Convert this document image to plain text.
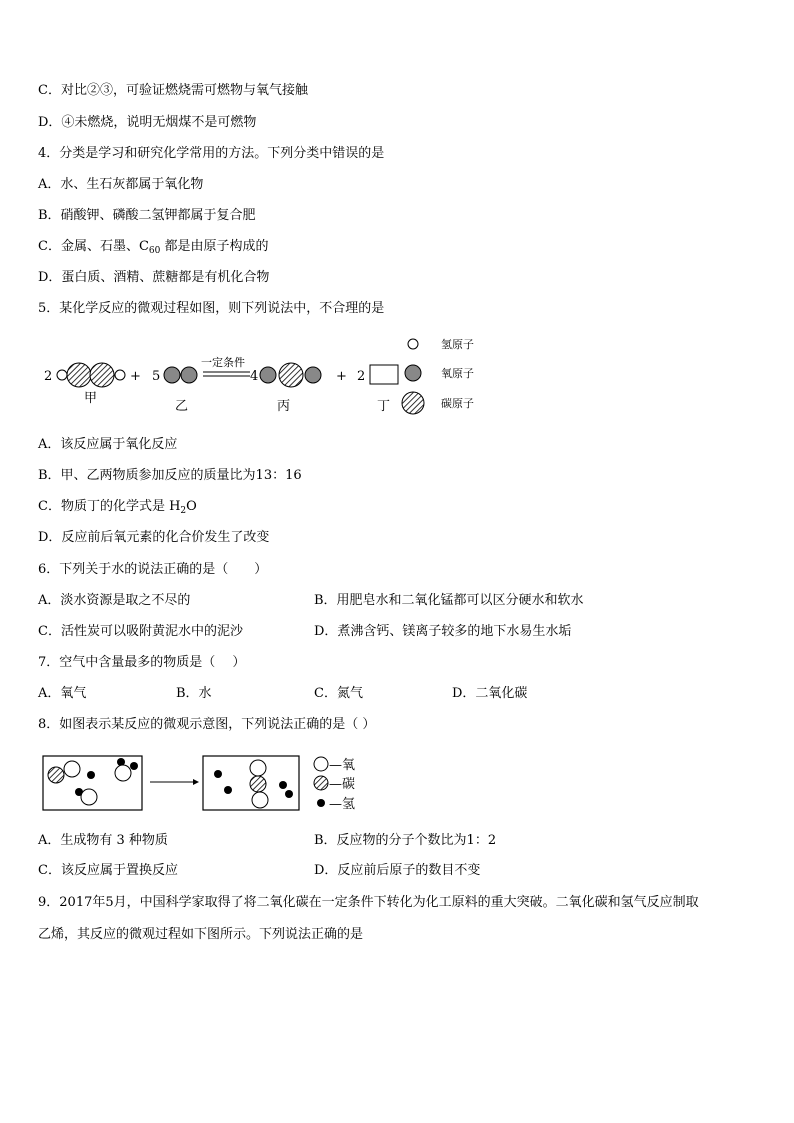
C．对比②③，可验证燃烧需可燃物与氧气接触
D．④未燃烧，说明无烟煤不是可燃物
4．分类是学习和研究化学常用的方法。下列分类中错误的是
A．水、生石灰都属于氧化物
B．硝酸钾、磷酸二氢钾都属于复合肥
C．金属、石墨、$C_{60}$ 都是由原子构成的
D．蛋白质、酒精、蔗糖都是有机化合物
5．某化学反应的微观过程如图，则下列说法中，不合理的是
2	+
甲
5
乙
一定条件
4
丙
+ 2
丁
氢原子
氧原子
碳原子
A．该反应属于氧化反应
B．甲、乙两物质参加反应的质量比为13：16
C．物质丁的化学式是 $H_2O$
D．反应前后氧元素的化合价发生了改变
6．下列关于水的说法正确的是（　　）
A．淡水资源是取之不尽的	B．用肥皂水和二氧化锰都可以区分硬水和软水
C．活性炭可以吸附黄泥水中的泥沙	D．煮沸含钙、镁离子较多的地下水易生水垢
7．空气中含量最多的物质是（　 ）
A．氧气	B．水	C．氮气	D．二氧化碳
8．如图表示某反应的微观示意图，下列说法正确的是（ ）
—氧
—碳
—氢
A．生成物有 3 种物质	B．反应物的分子个数比为1：2
C．该反应属于置换反应	D．反应前后原子的数目不变
9．2017年5月，中国科学家取得了将二氧化碳在一定条件下转化为化工原料的重大突破。二氧化碳和氢气反应制取
乙烯，其反应的微观过程如下图所示。下列说法正确的是
